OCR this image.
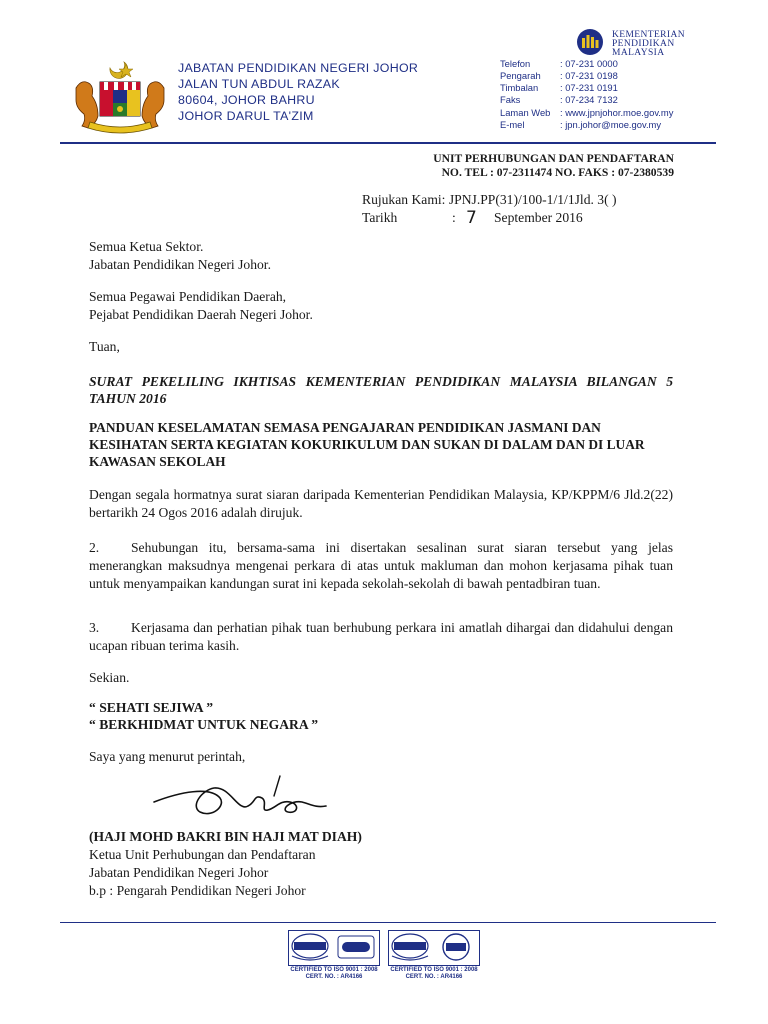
JABATAN PENDIDIKAN NEGERI JOHOR
JALAN TUN ABDUL RAZAK
80604, JOHOR BAHRU
JOHOR DARUL TA'ZIM
KEMENTERIAN
PENDIDIKAN
MALAYSIA
Telefon	: 07-231 0000
Pengarah : 07-231 0198
Timbalan : 07-231 0191
Faks	: 07-234 7132
Laman Web : www.jpnjohor.moe.gov.my
E-mel	: jpn.johor@moe.gov.my
UNIT PERHUBUNGAN DAN PENDAFTARAN
NO. TEL : 07-2311474 NO. FAKS : 07-2380539
Rujukan Kami: JPNJ.PP(31)/100-1/1/1Jld. 3( )
Tarikh	: 7 September 2016
Semua Ketua Sektor.
Jabatan Pendidikan Negeri Johor.
Semua Pegawai Pendidikan Daerah,
Pejabat Pendidikan Daerah Negeri Johor.
Tuan,
SURAT PEKELILING IKHTISAS KEMENTERIAN PENDIDIKAN MALAYSIA BILANGAN 5 TAHUN 2016
PANDUAN KESELAMATAN SEMASA PENGAJARAN PENDIDIKAN JASMANI DAN KESIHATAN SERTA KEGIATAN KOKURIKULUM DAN SUKAN DI DALAM DAN DI LUAR KAWASAN SEKOLAH
Dengan segala hormatnya surat siaran daripada Kementerian Pendidikan Malaysia, KP/KPPM/6 Jld.2(22) bertarikh 24 Ogos 2016 adalah dirujuk.
2. Sehubungan itu, bersama-sama ini disertakan sesalinan surat siaran tersebut yang jelas menerangkan maksudnya mengenai perkara di atas untuk makluman dan mohon kerjasama pihak tuan untuk menyampaikan kandungan surat ini kepada sekolah-sekolah di bawah pentadbiran tuan.
3. Kerjasama dan perhatian pihak tuan berhubung perkara ini amatlah dihargai dan didahului dengan ucapan ribuan terima kasih.
Sekian.
“ SEHATI SEJIWA ”
“ BERKHIDMAT UNTUK NEGARA ”
Saya yang menurut perintah,
(HAJI MOHD BAKRI BIN HAJI MAT DIAH)
Ketua Unit Perhubungan dan Pendaftaran
Jabatan Pendidikan Negeri Johor
b.p : Pengarah Pendidikan Negeri Johor
CERTIFIED TO ISO 9001 : 2008
CERT. NO. : AR4166
CERTIFIED TO ISO 9001 : 2008
CERT. NO. : AR4166
